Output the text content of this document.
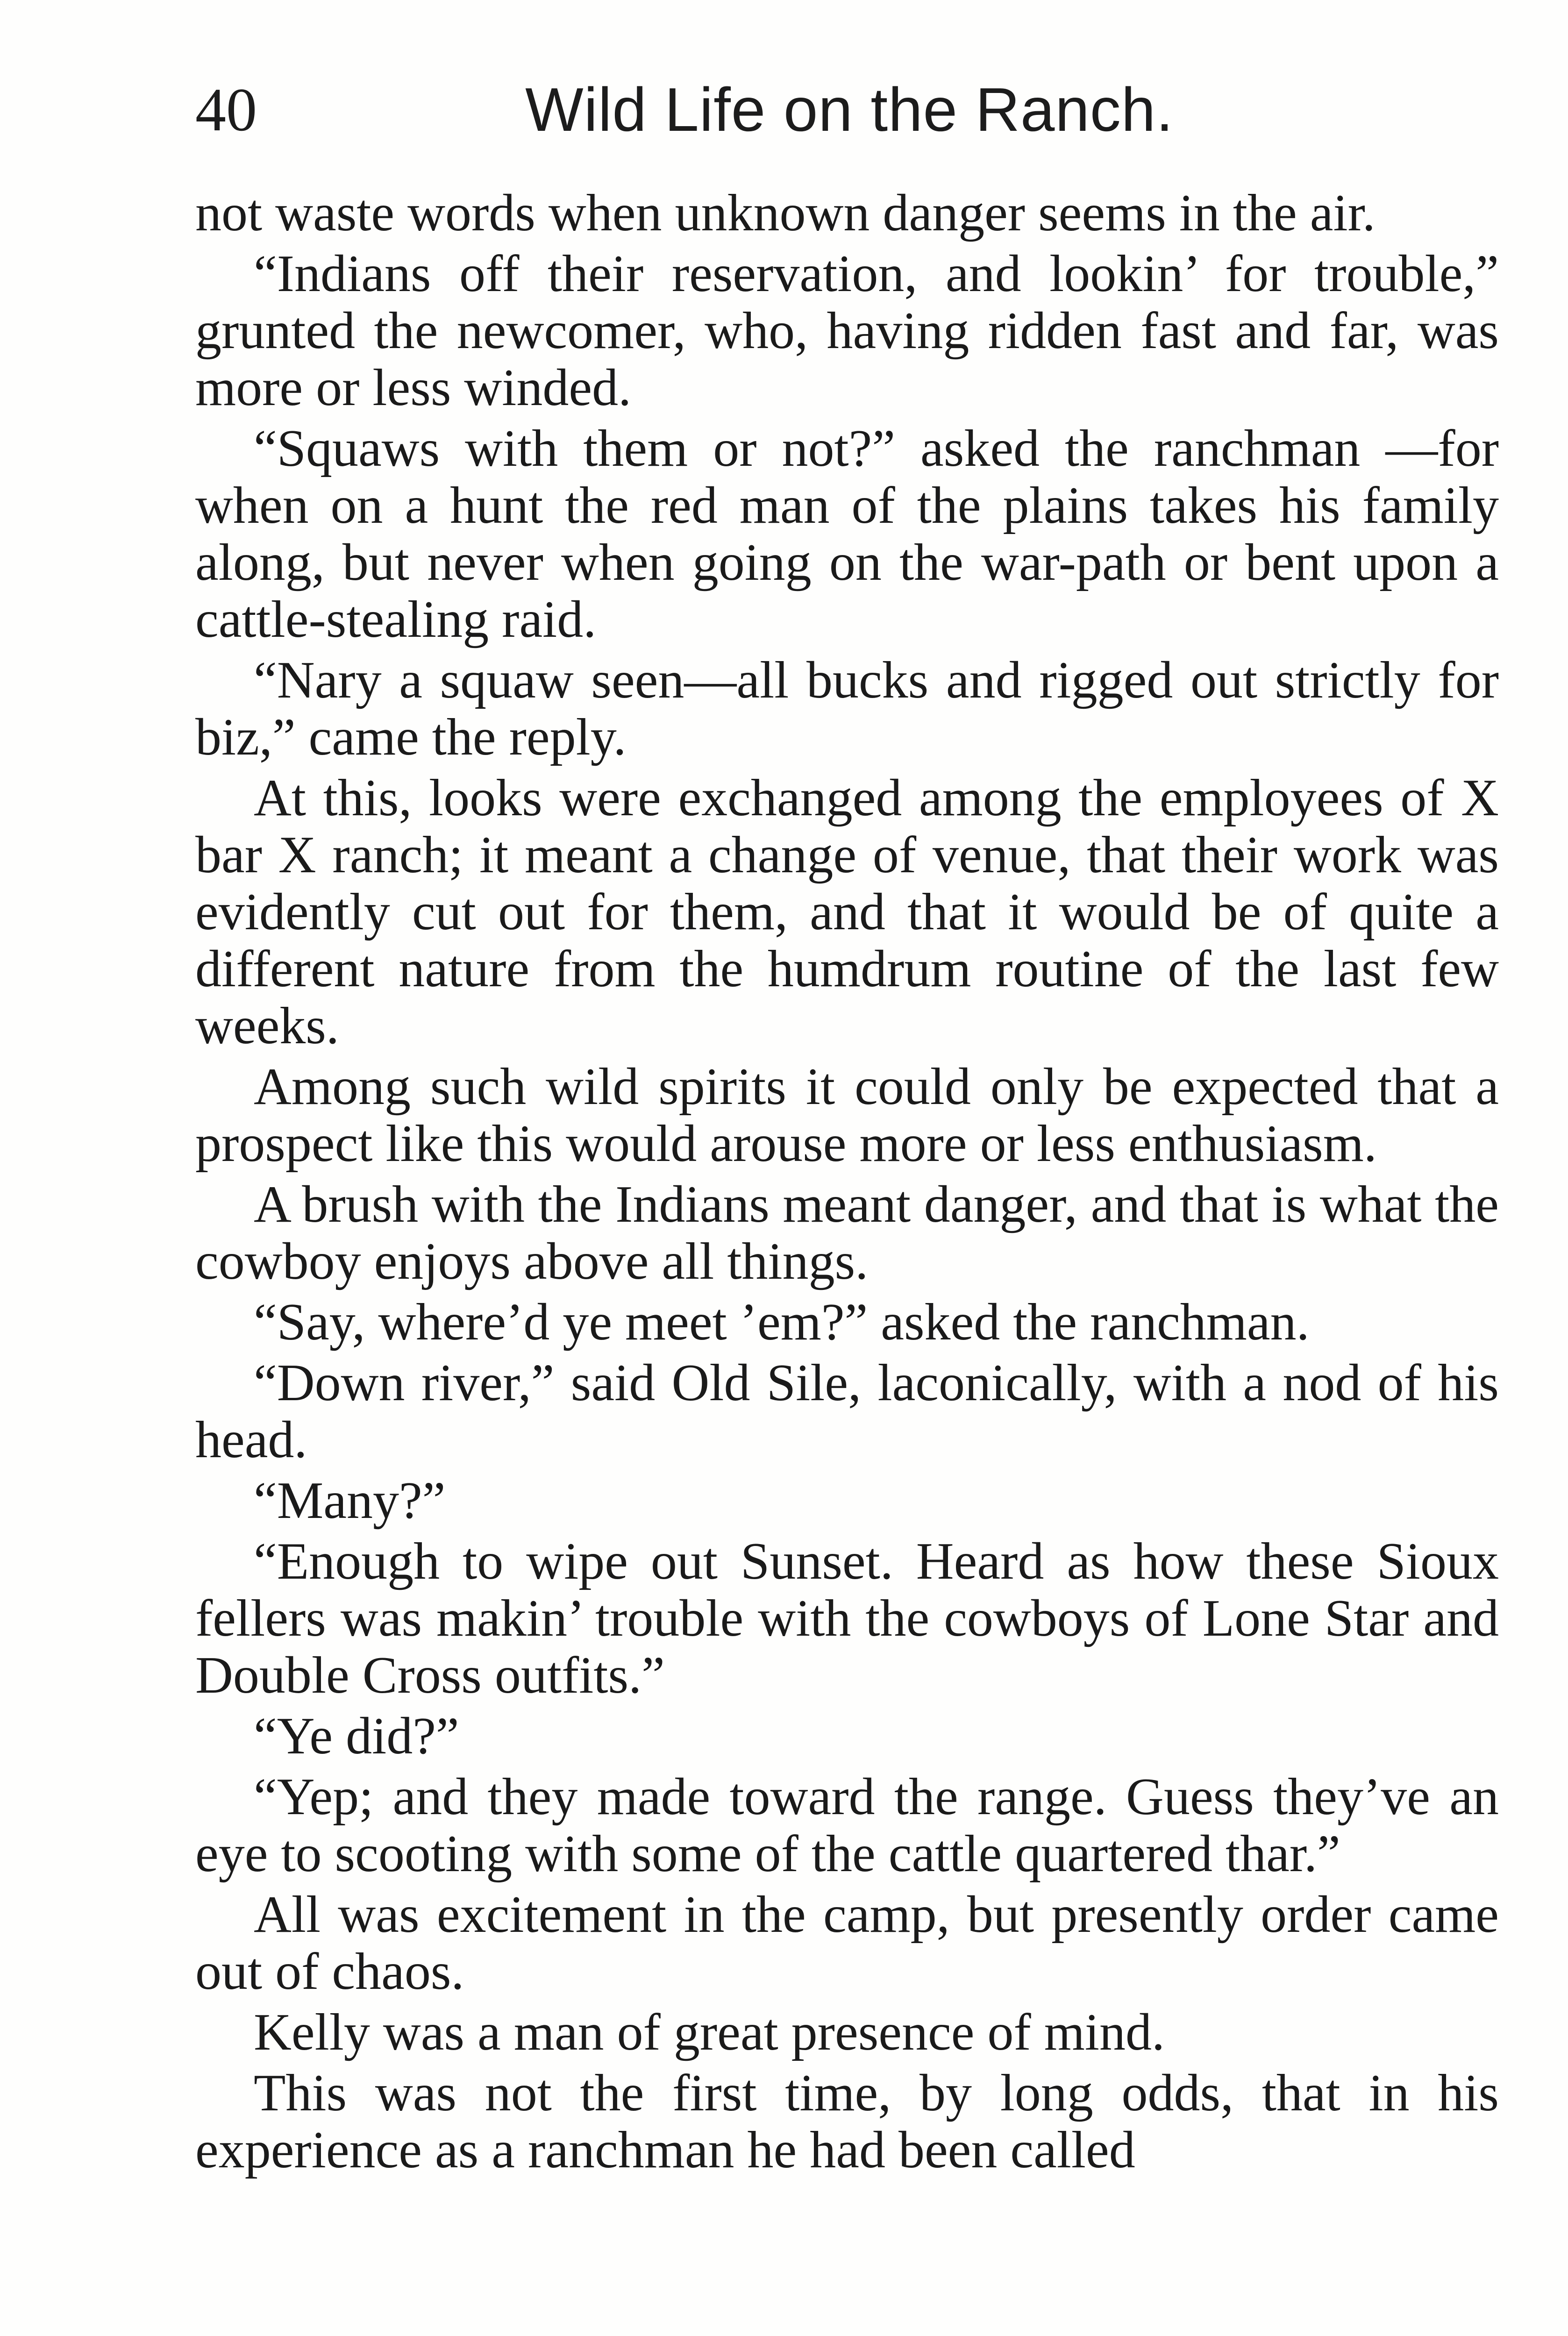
40	Wild Life on the Ranch.

not waste words when unknown danger seems in the air.

“Indians off their reservation, and lookin’ for trouble,” grunted the newcomer, who, having ridden fast and far, was more or less winded.

“Squaws with them or not?” asked the ranchman —for when on a hunt the red man of the plains takes his family along, but never when going on the war-path or bent upon a cattle-stealing raid.

“Nary a squaw seen—all bucks and rigged out strictly for biz,” came the reply.

At this, looks were exchanged among the employees of X bar X ranch; it meant a change of venue, that their work was evidently cut out for them, and that it would be of quite a different nature from the humdrum routine of the last few weeks.

Among such wild spirits it could only be expected that a prospect like this would arouse more or less enthusiasm.

A brush with the Indians meant danger, and that is what the cowboy enjoys above all things.

“Say, where’d ye meet ’em?” asked the ranchman.

“Down river,” said Old Sile, laconically, with a nod of his head.

“Many?”

“Enough to wipe out Sunset. Heard as how these Sioux fellers was makin’ trouble with the cowboys of Lone Star and Double Cross outfits.”

“Ye did?”

“Yep; and they made toward the range. Guess they’ve an eye to scooting with some of the cattle quartered thar.”

All was excitement in the camp, but presently order came out of chaos.

Kelly was a man of great presence of mind.

This was not the first time, by long odds, that in his experience as a ranchman he had been called
